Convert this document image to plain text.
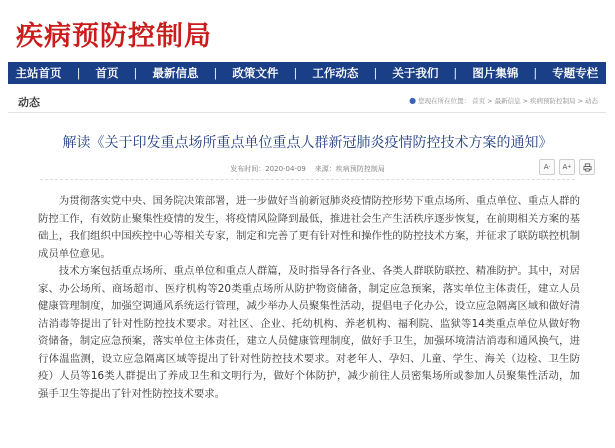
疾病预防控制局
主站首页 | 首页 | 最新信息 | 政策文件 | 工作动态 | 关于我们 | 图片集锦 | 专题专栏
动态	● 您现在所在位置： 首页 > 最新信息 > 疾病预防控制局 > 动态
解读《关于印发重点场所重点单位重点人群新冠肺炎疫情防控技术方案的通知》
发布时间：2020-04-09 来源：疾病预防控制局	A - A +

为贯彻落实党中央、国务院决策部署，进一步做好当前新冠肺炎疫情防控形势下重点场所、重点单位、重点人群的防控工作，有效防止聚集性疫情的发生，将疫情风险降到最低，推进社会生产生活秩序逐步恢复，在前期相关方案的基础上，我们组织中国疾控中心等相关专家，制定和完善了更有针对性和操作性的防控技术方案，并征求了联防联控机制成员单位意见。

技术方案包括重点场所、重点单位和重点人群篇，及时指导各行各业、各类人群联防联控、精准防护。其中，对居家、办公场所、商场超市、医疗机构等20类重点场所从防护物资储备，制定应急预案，落实单位主体责任，建立人员健康管理制度，加强空调通风系统运行管理，减少举办人员聚集性活动，提倡电子化办公，设立应急隔离区域和做好清洁消毒等提出了针对性防控技术要求。对社区、企业、托幼机构、养老机构、福利院、监狱等14类重点单位从做好物资储备，制定应急预案，落实单位主体责任，建立人员健康管理制度，做好手卫生，加强环境清洁消毒和通风换气，进行体温监测，设立应急隔离区域等提出了针对性防控技术要求。对老年人、孕妇、儿童、学生、海关（边检、卫生防疫）人员等16类人群提出了养成卫生和文明行为，做好个体防护，减少前往人员密集场所或参加人员聚集性活动，加强手卫生等提出了针对性防控技术要求。
